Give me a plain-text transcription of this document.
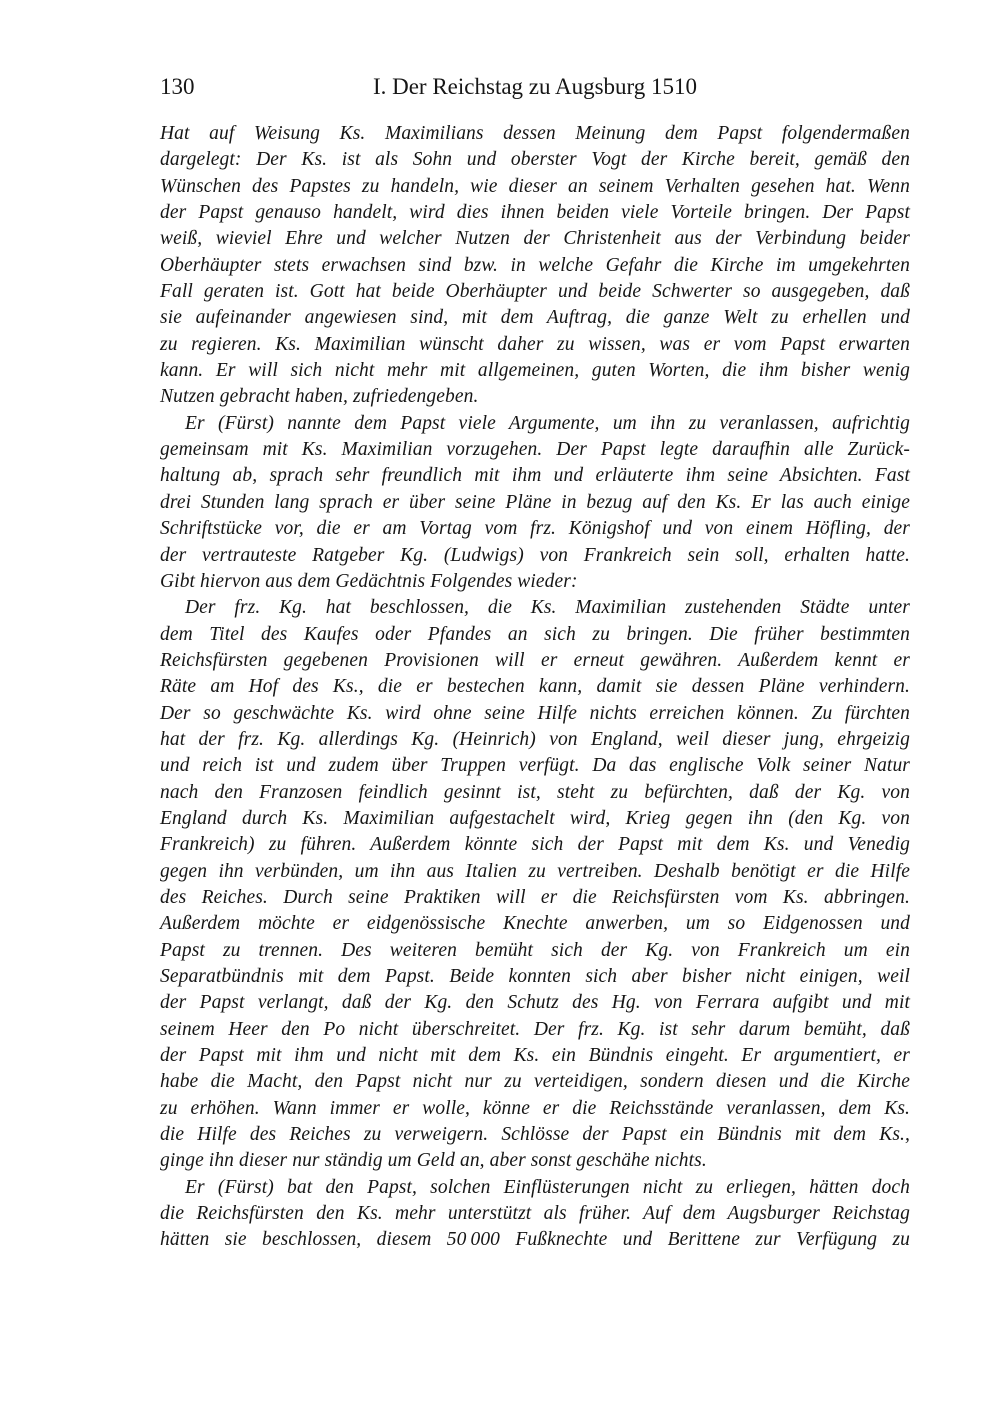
130	I. Der Reichstag zu Augsburg 1510

Hat auf Weisung Ks. Maximilians dessen Meinung dem Papst folgendermaßen
dargelegt: Der Ks. ist als Sohn und oberster Vogt der Kirche bereit, gemäß den
Wünschen des Papstes zu handeln, wie dieser an seinem Verhalten gesehen hat. Wenn
der Papst genauso handelt, wird dies ihnen beiden viele Vorteile bringen. Der Papst
weiß, wieviel Ehre und welcher Nutzen der Christenheit aus der Verbindung beider
Oberhäupter stets erwachsen sind bzw. in welche Gefahr die Kirche im umgekehrten
Fall geraten ist. Gott hat beide Oberhäupter und beide Schwerter so ausgegeben, daß
sie aufeinander angewiesen sind, mit dem Auftrag, die ganze Welt zu erhellen und
zu regieren. Ks. Maximilian wünscht daher zu wissen, was er vom Papst erwarten
kann. Er will sich nicht mehr mit allgemeinen, guten Worten, die ihm bisher wenig
Nutzen gebracht haben, zufriedengeben.

Er (Fürst) nannte dem Papst viele Argumente, um ihn zu veranlassen, aufrichtig
gemeinsam mit Ks. Maximilian vorzugehen. Der Papst legte daraufhin alle Zurück-
haltung ab, sprach sehr freundlich mit ihm und erläuterte ihm seine Absichten. Fast
drei Stunden lang sprach er über seine Pläne in bezug auf den Ks. Er las auch einige
Schriftstücke vor, die er am Vortag vom frz. Königshof und von einem Höfling, der
der vertrauteste Ratgeber Kg. (Ludwigs) von Frankreich sein soll, erhalten hatte.
Gibt hiervon aus dem Gedächtnis Folgendes wieder:

Der frz. Kg. hat beschlossen, die Ks. Maximilian zustehenden Städte unter
dem Titel des Kaufes oder Pfandes an sich zu bringen. Die früher bestimmten
Reichsfürsten gegebenen Provisionen will er erneut gewähren. Außerdem kennt er
Räte am Hof des Ks., die er bestechen kann, damit sie dessen Pläne verhindern.
Der so geschwächte Ks. wird ohne seine Hilfe nichts erreichen können. Zu fürchten
hat der frz. Kg. allerdings Kg. (Heinrich) von England, weil dieser jung, ehrgeizig
und reich ist und zudem über Truppen verfügt. Da das englische Volk seiner Natur
nach den Franzosen feindlich gesinnt ist, steht zu befürchten, daß der Kg. von
England durch Ks. Maximilian aufgestachelt wird, Krieg gegen ihn (den Kg. von
Frankreich) zu führen. Außerdem könnte sich der Papst mit dem Ks. und Venedig
gegen ihn verbünden, um ihn aus Italien zu vertreiben. Deshalb benötigt er die Hilfe
des Reiches. Durch seine Praktiken will er die Reichsfürsten vom Ks. abbringen.
Außerdem möchte er eidgenössische Knechte anwerben, um so Eidgenossen und
Papst zu trennen. Des weiteren bemüht sich der Kg. von Frankreich um ein
Separatbündnis mit dem Papst. Beide konnten sich aber bisher nicht einigen, weil
der Papst verlangt, daß der Kg. den Schutz des Hg. von Ferrara aufgibt und mit
seinem Heer den Po nicht überschreitet. Der frz. Kg. ist sehr darum bemüht, daß
der Papst mit ihm und nicht mit dem Ks. ein Bündnis eingeht. Er argumentiert, er
habe die Macht, den Papst nicht nur zu verteidigen, sondern diesen und die Kirche
zu erhöhen. Wann immer er wolle, könne er die Reichsstände veranlassen, dem Ks.
die Hilfe des Reiches zu verweigern. Schlösse der Papst ein Bündnis mit dem Ks.,
ginge ihn dieser nur ständig um Geld an, aber sonst geschähe nichts.

Er (Fürst) bat den Papst, solchen Einflüsterungen nicht zu erliegen, hätten doch
die Reichsfürsten den Ks. mehr unterstützt als früher. Auf dem Augsburger Reichstag
hätten sie beschlossen, diesem 50 000 Fußknechte und Berittene zur Verfügung zu
